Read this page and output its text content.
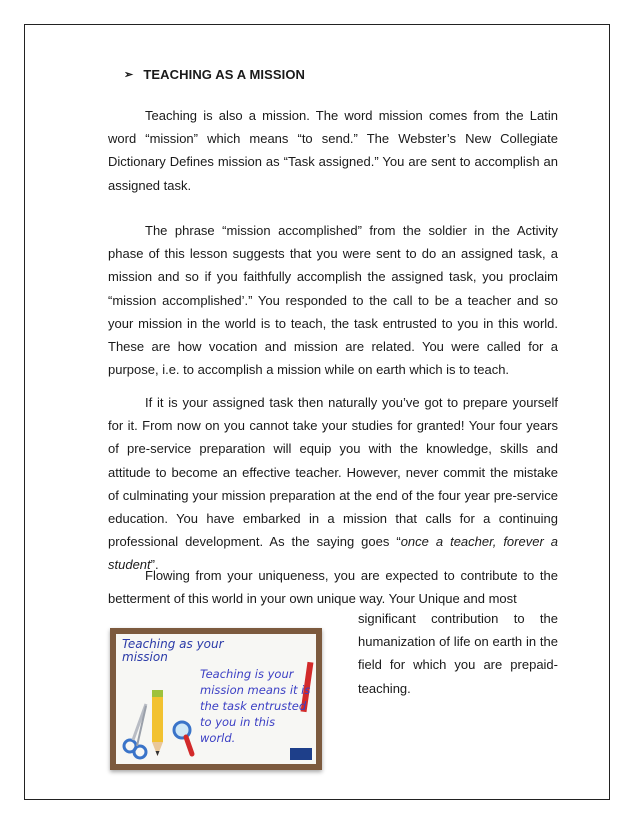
➢ TEACHING AS A MISSION

Teaching is also a mission. The word mission comes from the Latin word “mission” which means “to send.” The Webster’s New Collegiate Dictionary Defines mission as “Task assigned.” You are sent to accomplish an assigned task.

The phrase “mission accomplished” from the soldier in the Activity phase of this lesson suggests that you were sent to do an assigned task, a mission and so if you faithfully accomplish the assigned task, you proclaim “mission accomplished’.” You responded to the call to be a teacher and so your mission in the world is to teach, the task entrusted to you in this world. These are how vocation and mission are related. You were called for a purpose, i.e. to accomplish a mission while on earth which is to teach.

If it is your assigned task then naturally you’ve got to prepare yourself for it. From now on you cannot take your studies for granted! Your four years of pre-service preparation will equip you with the knowledge, skills and attitude to become an effective teacher. However, never commit the mistake of culminating your mission preparation at the end of the four year pre-service education. You have embarked in a mission that calls for a continuing professional development. As the saying goes “once a teacher, forever a student”.

Flowing from your uniqueness, you are expected to contribute to the betterment of this world in your own unique way. Your Unique and most

significant contribution to the humanization of life on earth in the field for which you are prepaid-teaching.
Teaching as your
mission
Teaching is your
mission means it is
the task entrusted
to you in this
world.
